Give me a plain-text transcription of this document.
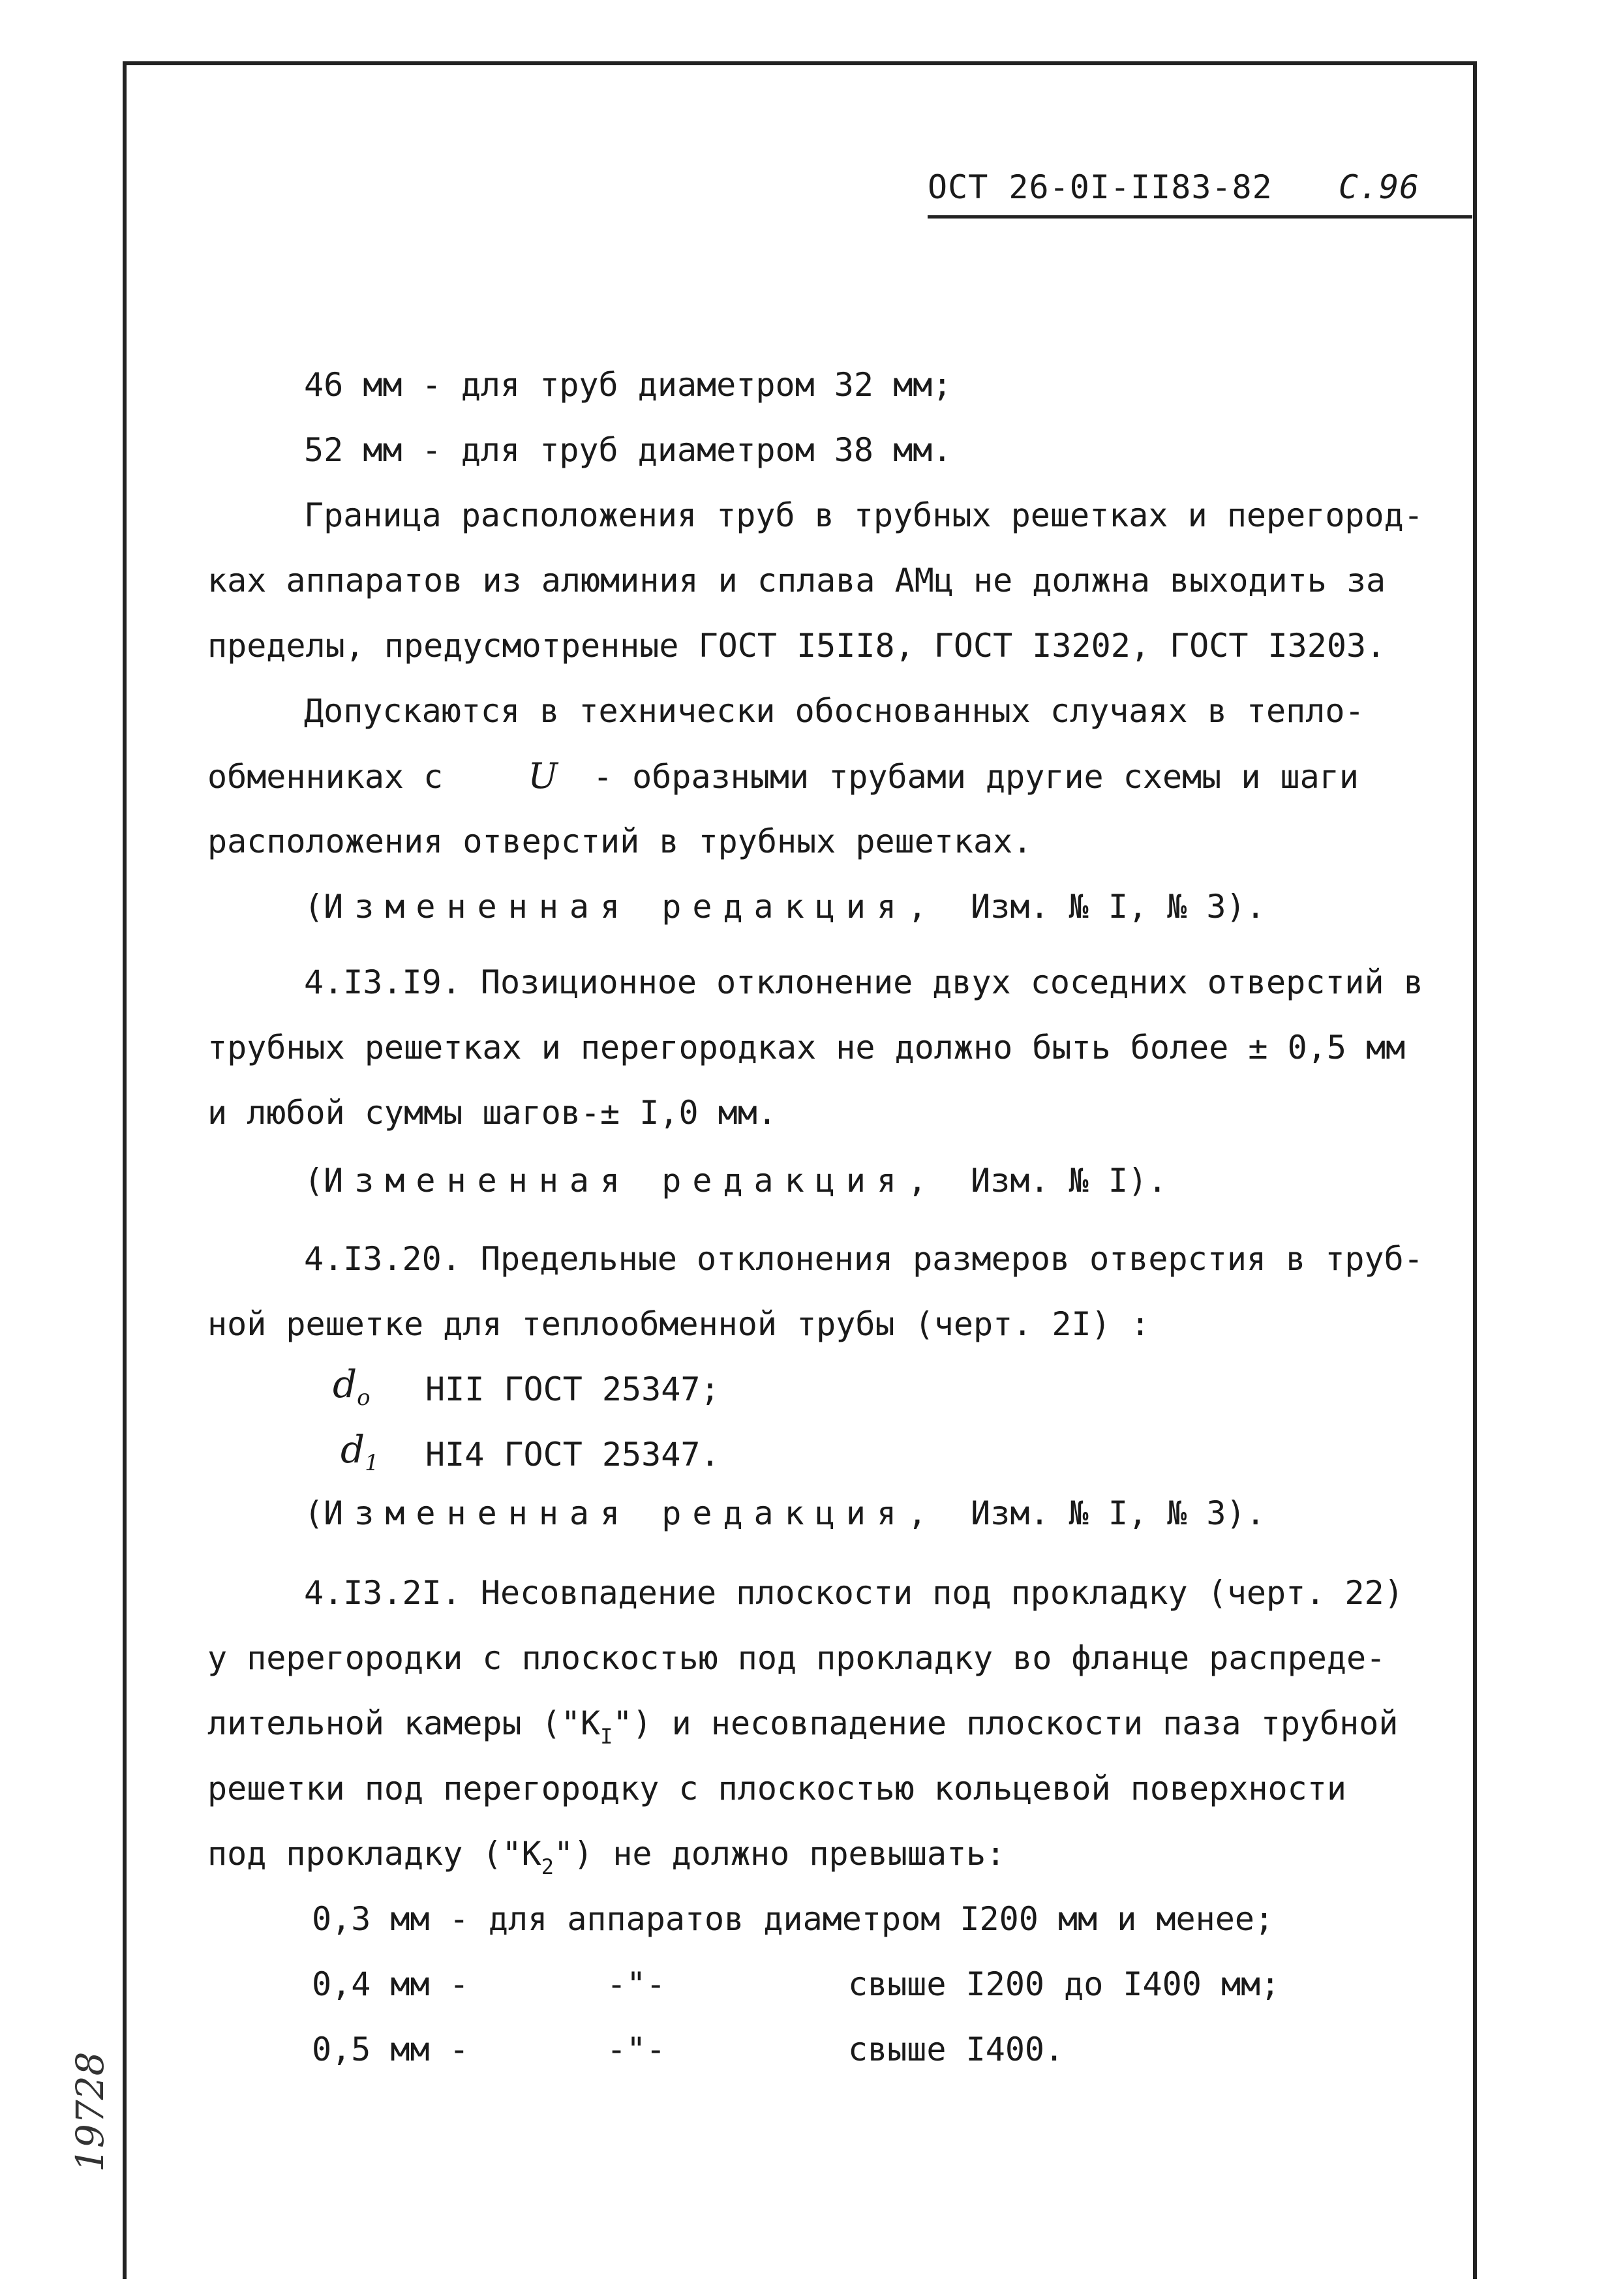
ОСТ 26-0I-II83-82 С.96
46 мм - для труб диаметром 32 мм;
52 мм - для труб диаметром 38 мм.
Граница расположения труб в трубных решетках и перегород-
ках аппаратов из алюминия и сплава АМц не должна выходить за
пределы, предусмотренные ГОСТ I5II8, ГОСТ I3202, ГОСТ I3203.
Допускаются в технически обоснованных случаях в тепло-
обменниках с U - образными трубами другие схемы и шаги
расположения отверстий в трубных решетках.
(Измененная редакция, Изм. № I, № 3).
4.I3.I9. Позиционное отклонение двух соседних отверстий в
трубных решетках и перегородках не должно быть более ± 0,5 мм
и любой суммы шагов-± I,0 мм.
(Измененная редакция, Изм. № I).
4.I3.20. Предельные отклонения размеров отверстия в труб-
ной решетке для теплообменной трубы (черт. 2I) :
$d_o$ HII ГОСТ 25347;
$d_1$ HI4 ГОСТ 25347.
(Измененная редакция, Изм. № I, № 3).
4.I3.2I. Несовпадение плоскости под прокладку (черт. 22)
у перегородки с плоскостью под прокладку во фланце распреде-
лительной камеры $("К_I")$ и несовпадение плоскости паза трубной
решетки под перегородку с плоскостью кольцевой поверхности
под прокладку $("К_2")$ не должно превышать:
0,3 мм - для аппаратов диаметром I200 мм и менее;
0,4 мм -	-"-	свыше I200 до I400 мм;
0,5 мм -	-"-	свыше I400.
19728
